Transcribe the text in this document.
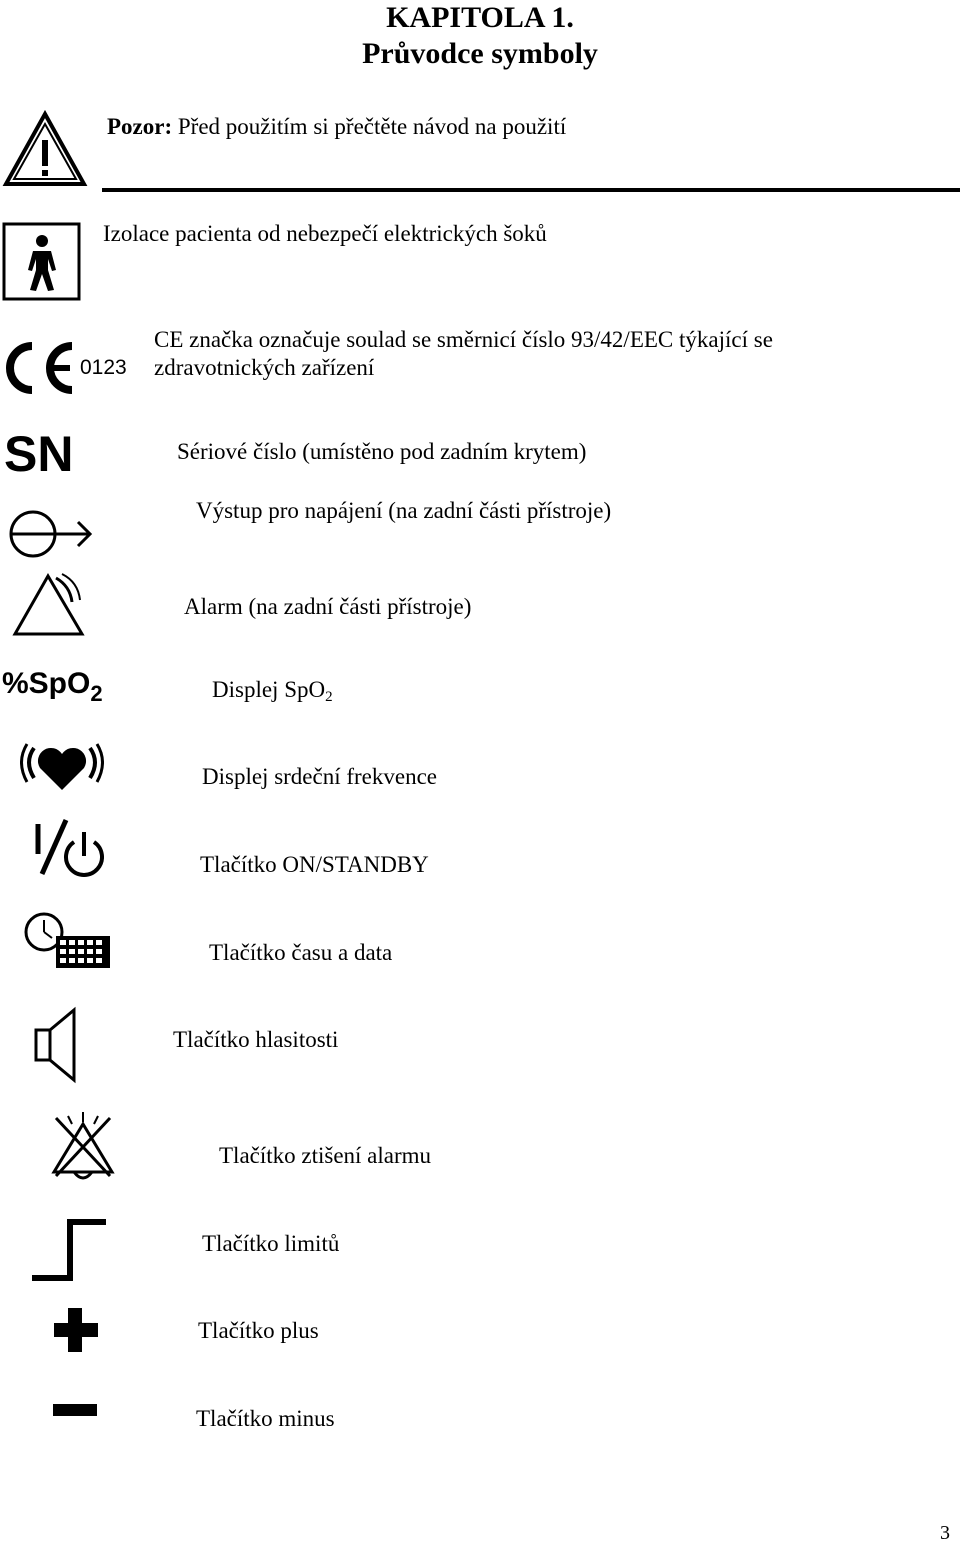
KAPITOLA 1.
Průvodce symboly
Pozor: Před použitím si přečtěte návod na použití
Izolace pacienta od nebezpečí elektrických šoků
0123
CE značka označuje soulad se směrnicí číslo 93/42/EEC týkající se zdravotnických zařízení
SN	Sériové číslo (umístěno pod zadním krytem)
Výstup pro napájení (na zadní části přístroje)
Alarm (na zadní části přístroje)
%SpO$_2$	Displej SpO$_2$
Displej srdeční frekvence
Tlačítko ON/STANDBY
Tlačítko času a data
Tlačítko hlasitosti
Tlačítko ztišení alarmu
Tlačítko limitů
Tlačítko plus
Tlačítko minus
3
